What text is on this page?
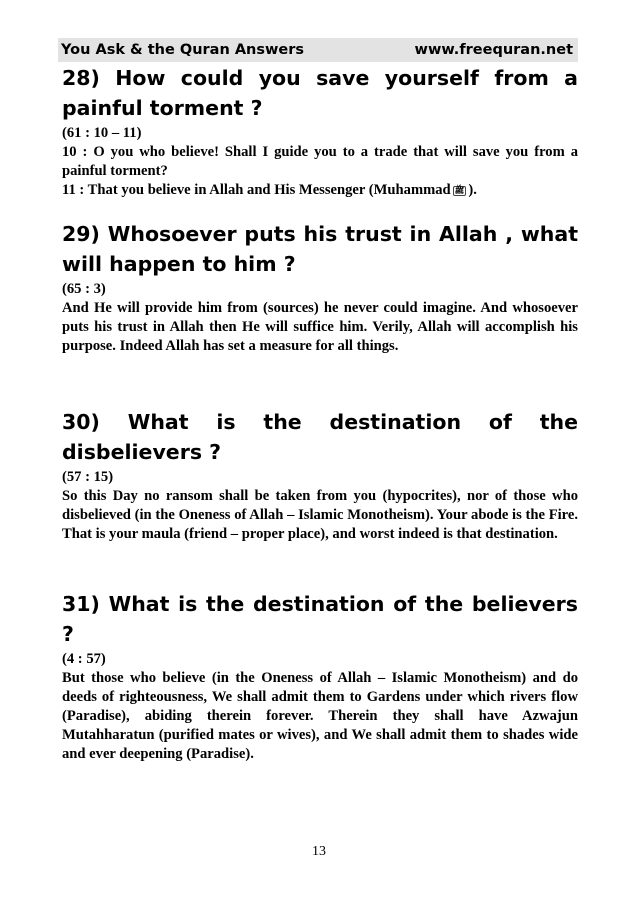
You Ask & the Quran Answers	www.freequran.net
28) How could you save yourself from a painful torment ?
(61 : 10 – 11)

10 : O you who believe! Shall I guide you to a trade that will save you from a painful torment?

11 : That you believe in Allah and His Messenger (Muhammad ﷺ ).

29) Whosoever puts his trust in Allah , what will happen to him ?
(65 : 3)
And He will provide him from (sources) he never could imagine. And whosoever puts his trust in Allah then He will suffice him. Verily, Allah will accomplish his purpose. Indeed Allah has set a measure for all things.
30) What is the destination of the disbelievers ?
(57 : 15)
So this Day no ransom shall be taken from you (hypocrites), nor of those who disbelieved (in the Oneness of Allah – Islamic Monotheism). Your abode is the Fire. That is your maula (friend – proper place), and worst indeed is that destination.
31) What is the destination of the believers ?
(4 : 57)
But those who believe (in the Oneness of Allah – Islamic Monotheism) and do deeds of righteousness, We shall admit them to Gardens under which rivers flow (Paradise), abiding therein forever. Therein they shall have Azwajun Mutahharatun (purified mates or wives), and We shall admit them to shades wide and ever deepening (Paradise).
13
